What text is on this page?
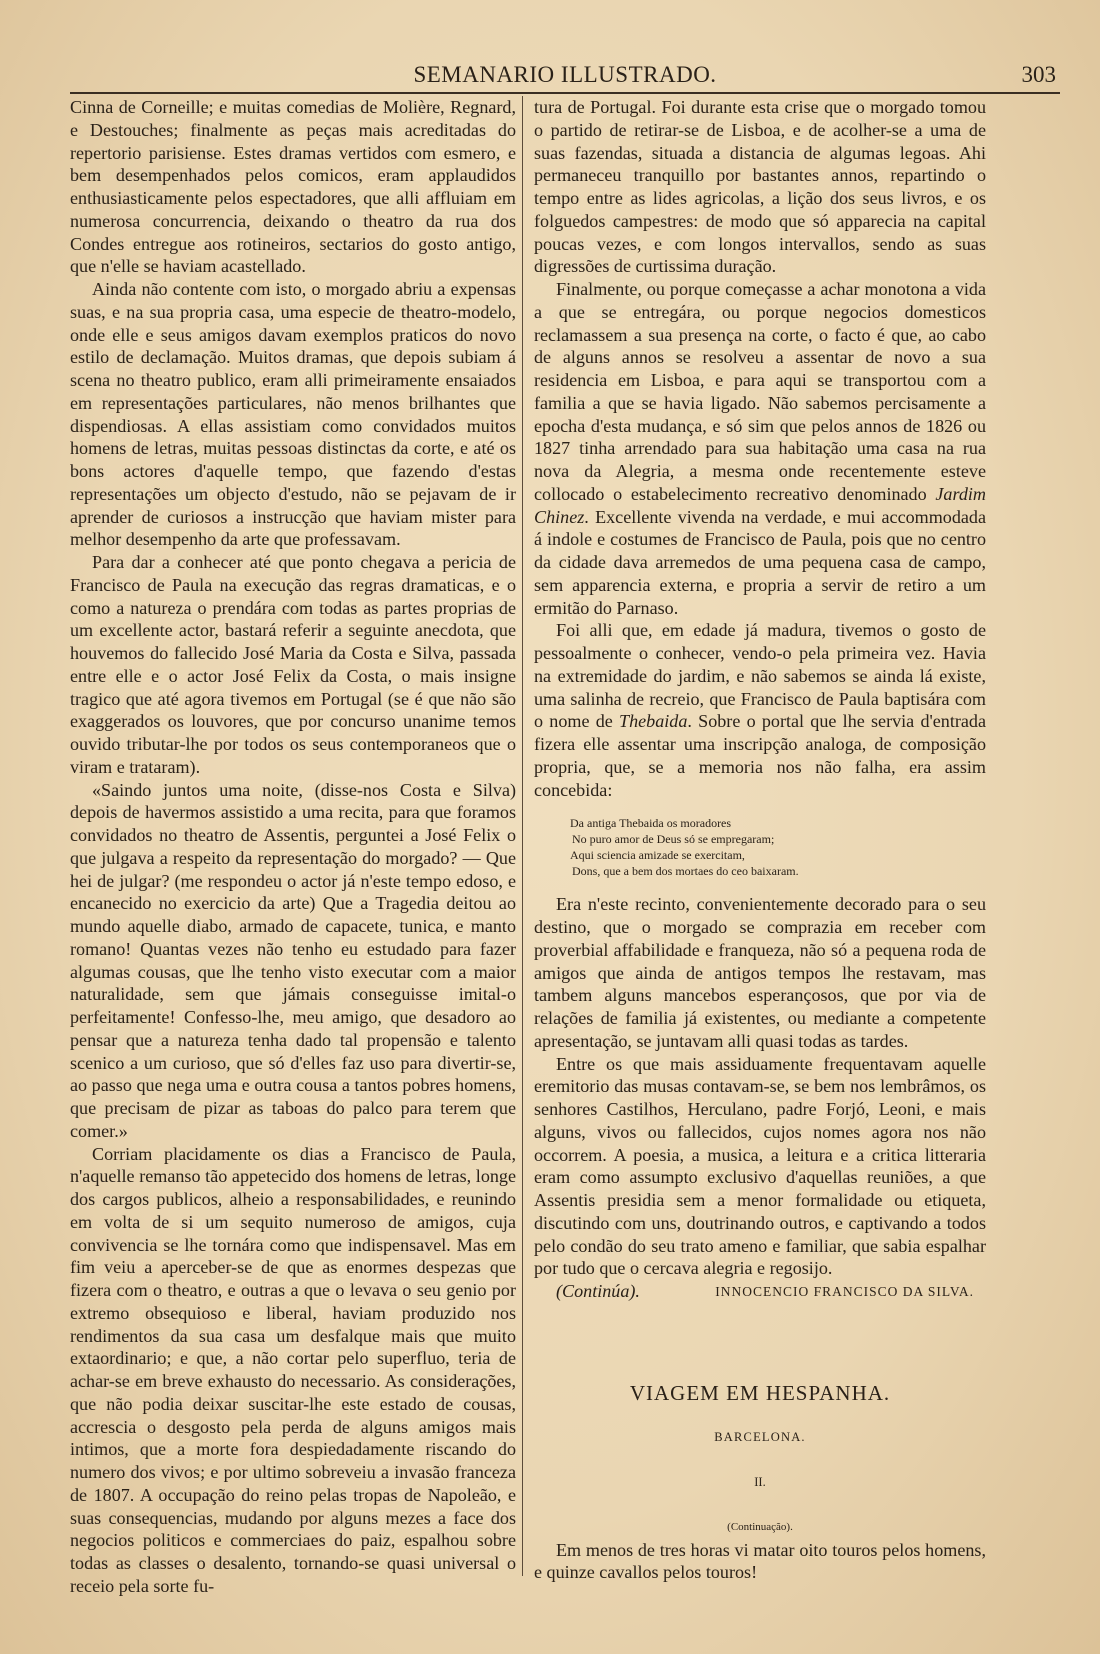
SEMANARIO ILLUSTRADO.	303

Cinna de Corneille; e muitas comedias de Molière, Regnard, e Destouches; finalmente as peças mais acreditadas do repertorio parisiense. Estes dramas vertidos com esmero, e bem desempenhados pelos comicos, eram applaudidos enthusiasticamente pelos espectadores, que alli affluiam em numerosa concurrencia, deixando o theatro da rua dos Condes entregue aos rotineiros, sectarios do gosto antigo, que n'elle se haviam acastellado.

Ainda não contente com isto, o morgado abriu a expensas suas, e na sua propria casa, uma especie de theatro-modelo, onde elle e seus amigos davam exemplos praticos do novo estilo de declamação. Muitos dramas, que depois subiam á scena no theatro publico, eram alli primeiramente ensaiados em representações particulares, não menos brilhantes que dispendiosas. A ellas assistiam como convidados muitos homens de letras, muitas pessoas distinctas da corte, e até os bons actores d'aquelle tempo, que fazendo d'estas representações um objecto d'estudo, não se pejavam de ir aprender de curiosos a instrucção que haviam mister para melhor desempenho da arte que professavam.

Para dar a conhecer até que ponto chegava a pericia de Francisco de Paula na execução das regras dramaticas, e o como a natureza o prendára com todas as partes proprias de um excellente actor, bastará referir a seguinte anecdota, que houvemos do fallecido José Maria da Costa e Silva, passada entre elle e o actor José Felix da Costa, o mais insigne tragico que até agora tivemos em Portugal (se é que não são exaggerados os louvores, que por concurso unanime temos ouvido tributar-lhe por todos os seus contemporaneos que o viram e trataram).

«Saindo juntos uma noite, (disse-nos Costa e Silva) depois de havermos assistido a uma recita, para que foramos convidados no theatro de Assentis, perguntei a José Felix o que julgava a respeito da representação do morgado? — Que hei de julgar? (me respondeu o actor já n'este tempo edoso, e encanecido no exercicio da arte) Que a Tragedia deitou ao mundo aquelle diabo, armado de capacete, tunica, e manto romano! Quantas vezes não tenho eu estudado para fazer algumas cousas, que lhe tenho visto executar com a maior naturalidade, sem que jámais conseguisse imital-o perfeitamente! Confesso-lhe, meu amigo, que desadoro ao pensar que a natureza tenha dado tal propensão e talento scenico a um curioso, que só d'elles faz uso para divertir-se, ao passo que nega uma e outra cousa a tantos pobres homens, que precisam de pizar as taboas do palco para terem que comer.»

Corriam placidamente os dias a Francisco de Paula, n'aquelle remanso tão appetecido dos homens de letras, longe dos cargos publicos, alheio a responsabilidades, e reunindo em volta de si um sequito numeroso de amigos, cuja convivencia se lhe tornára como que indispensavel. Mas em fim veiu a aperceber-se de que as enormes despezas que fizera com o theatro, e outras a que o levava o seu genio por extremo obsequioso e liberal, haviam produzido nos rendimentos da sua casa um desfalque mais que muito extaordinario; e que, a não cortar pelo superfluo, teria de achar-se em breve exhausto do necessario. As considerações, que não podia deixar suscitar-lhe este estado de cousas, accrescia o desgosto pela perda de alguns amigos mais intimos, que a morte fora despiedadamente riscando do numero dos vivos; e por ultimo sobreveiu a invasão franceza de 1807. A occupação do reino pelas tropas de Napoleão, e suas consequencias, mudando por alguns mezes a face dos negocios politicos e commerciaes do paiz, espalhou sobre todas as classes o desalento, tornando-se quasi universal o receio pela sorte fu-

tura de Portugal. Foi durante esta crise que o morgado tomou o partido de retirar-se de Lisboa, e de acolher-se a uma de suas fazendas, situada a distancia de algumas legoas. Ahi permaneceu tranquillo por bastantes annos, repartindo o tempo entre as lides agricolas, a lição dos seus livros, e os folguedos campestres: de modo que só apparecia na capital poucas vezes, e com longos intervallos, sendo as suas digressões de curtissima duração.

Finalmente, ou porque começasse a achar monotona a vida a que se entregára, ou porque negocios domesticos reclamassem a sua presença na corte, o facto é que, ao cabo de alguns annos se resolveu a assentar de novo a sua residencia em Lisboa, e para aqui se transportou com a familia a que se havia ligado. Não sabemos percisamente a epocha d'esta mudança, e só sim que pelos annos de 1826 ou 1827 tinha arrendado para sua habitação uma casa na rua nova da Alegria, a mesma onde recentemente esteve collocado o estabelecimento recreativo denominado Jardim Chinez. Excellente vivenda na verdade, e mui accommodada á indole e costumes de Francisco de Paula, pois que no centro da cidade dava arremedos de uma pequena casa de campo, sem apparencia externa, e propria a servir de retiro a um ermitão do Parnaso.

Foi alli que, em edade já madura, tivemos o gosto de pessoalmente o conhecer, vendo-o pela primeira vez. Havia na extremidade do jardim, e não sabemos se ainda lá existe, uma salinha de recreio, que Francisco de Paula baptisára com o nome de Thebaida. Sobre o portal que lhe servia d'entrada fizera elle assentar uma inscripção analoga, de composição propria, que, se a memoria nos não falha, era assim concebida:

Da antiga Thebaida os moradores
No puro amor de Deus só se empregaram;
Aqui sciencia amizade se exercitam,
Dons, que a bem dos mortaes do ceo baixaram.

Era n'este recinto, convenientemente decorado para o seu destino, que o morgado se comprazia em receber com proverbial affabilidade e franqueza, não só a pequena roda de amigos que ainda de antigos tempos lhe restavam, mas tambem alguns mancebos esperançosos, que por via de relações de familia já existentes, ou mediante a competente apresentação, se juntavam alli quasi todas as tardes.

Entre os que mais assiduamente frequentavam aquelle eremitorio das musas contavam-se, se bem nos lembrâmos, os senhores Castilhos, Herculano, padre Forjó, Leoni, e mais alguns, vivos ou fallecidos, cujos nomes agora nos não occorrem. A poesia, a musica, a leitura e a critica litteraria eram como assumpto exclusivo d'aquellas reuniões, a que Assentis presidia sem a menor formalidade ou etiqueta, discutindo com uns, doutrinando outros, e captivando a todos pelo condão do seu trato ameno e familiar, que sabia espalhar por tudo que o cercava alegria e regosijo.

(Continúa).	INNOCENCIO FRANCISCO DA SILVA.
VIAGEM EM HESPANHA.
BARCELONA.
II.
(Continuação).

Em menos de tres horas vi matar oito touros pelos homens, e quinze cavallos pelos touros!
